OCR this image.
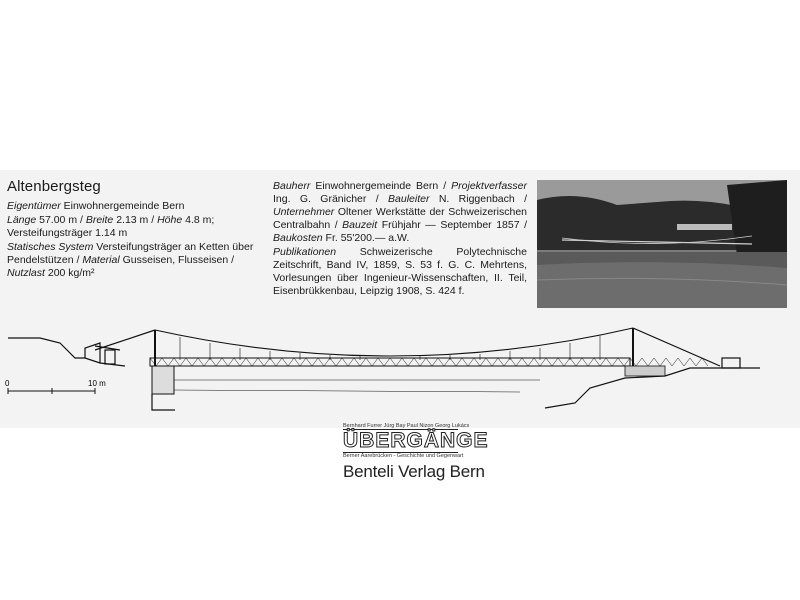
Altenbergsteg

Eigentümer Einwohnergemeinde Bern

Länge 57.00 m / Breite 2.13 m / Höhe 4.8 m; Versteifungsträger 1.14 m

Statisches System Versteifungsträger an Ketten über Pendelstützen / Material Gusseisen, Flusseisen / Nutzlast 200 kg/m²

Bauherr Einwohnergemeinde Bern / Projektverfasser Ing. G. Gränicher / Bauleiter N. Riggenbach / Unternehmer Oltener Werkstätte der Schweizerischen Centralbahn / Bauzeit Frühjahr — September 1857 / Baukosten Fr. 55'200.— a.W.

Publikationen Schweizerische Polytechnische Zeitschrift, Band IV, 1859, S. 53 f. G. C. Mehrtens, Vorlesungen über Ingenieur-Wissenschaften, II. Teil, Eisenbrükkenbau, Leipzig 1908, S. 424 f.

0	10 m
Bernhard Furrer Jürg Bay Paul Nizon Georg Lukács
ÜBERGÄNGE
Berner Aarebrücken - Geschichte und Gegenwart
Benteli Verlag Bern
